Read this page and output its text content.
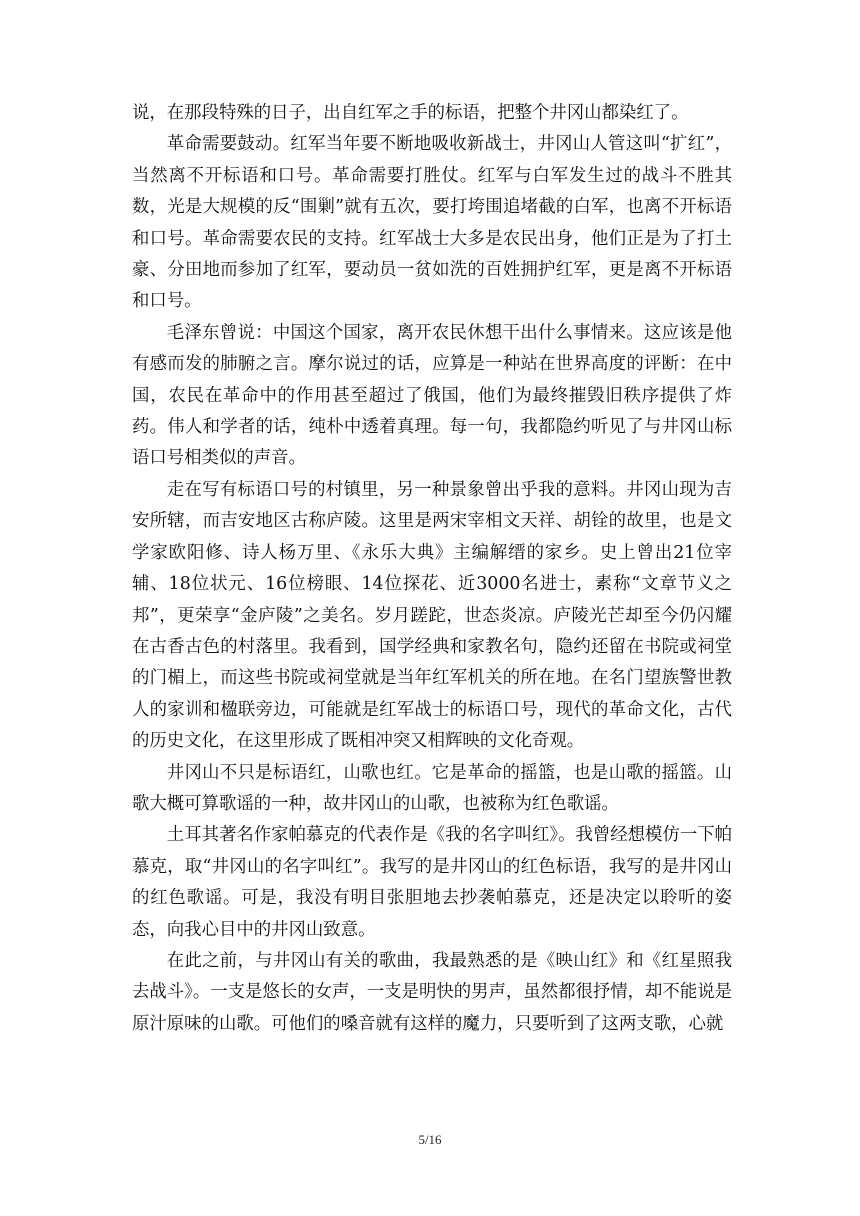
说，在那段特殊的日子，出自红军之手的标语，把整个井冈山都染红了。

革命需要鼓动。红军当年要不断地吸收新战士，井冈山人管这叫“扩红”，当然离不开标语和口号。革命需要打胜仗。红军与白军发生过的战斗不胜其数，光是大规模的反“围剿”就有五次，要打垮围追堵截的白军，也离不开标语和口号。革命需要农民的支持。红军战士大多是农民出身，他们正是为了打土豪、分田地而参加了红军，要动员一贫如洗的百姓拥护红军，更是离不开标语和口号。

毛泽东曾说：中国这个国家，离开农民休想干出什么事情来。这应该是他有感而发的肺腑之言。摩尔说过的话，应算是一种站在世界高度的评断：在中国，农民在革命中的作用甚至超过了俄国，他们为最终摧毁旧秩序提供了炸药。伟人和学者的话，纯朴中透着真理。每一句，我都隐约听见了与井冈山标语口号相类似的声音。

走在写有标语口号的村镇里，另一种景象曾出乎我的意料。井冈山现为吉安所辖，而吉安地区古称庐陵。这里是两宋宰相文天祥、胡铨的故里，也是文学家欧阳修、诗人杨万里、《永乐大典》主编解缙的家乡。史上曾出21位宰辅、18位状元、16位榜眼、14位探花、近3000名进士，素称“文章节义之邦”，更荣享“金庐陵”之美名。岁月蹉跎，世态炎凉。庐陵光芒却至今仍闪耀在古香古色的村落里。我看到，国学经典和家教名句，隐约还留在书院或祠堂的门楣上，而这些书院或祠堂就是当年红军机关的所在地。在名门望族警世教人的家训和楹联旁边，可能就是红军战士的标语口号，现代的革命文化，古代的历史文化，在这里形成了既相冲突又相辉映的文化奇观。

井冈山不只是标语红，山歌也红。它是革命的摇篮，也是山歌的摇篮。山歌大概可算歌谣的一种，故井冈山的山歌，也被称为红色歌谣。

土耳其著名作家帕慕克的代表作是《我的名字叫红》。我曾经想模仿一下帕慕克，取“井冈山的名字叫红”。我写的是井冈山的红色标语，我写的是井冈山的红色歌谣。可是，我没有明目张胆地去抄袭帕慕克，还是决定以聆听的姿态，向我心目中的井冈山致意。

在此之前，与井冈山有关的歌曲，我最熟悉的是《映山红》和《红星照我去战斗》。一支是悠长的女声，一支是明快的男声，虽然都很抒情，却不能说是原汁原味的山歌。可他们的嗓音就有这样的魔力，只要听到了这两支歌，心就

5/16
